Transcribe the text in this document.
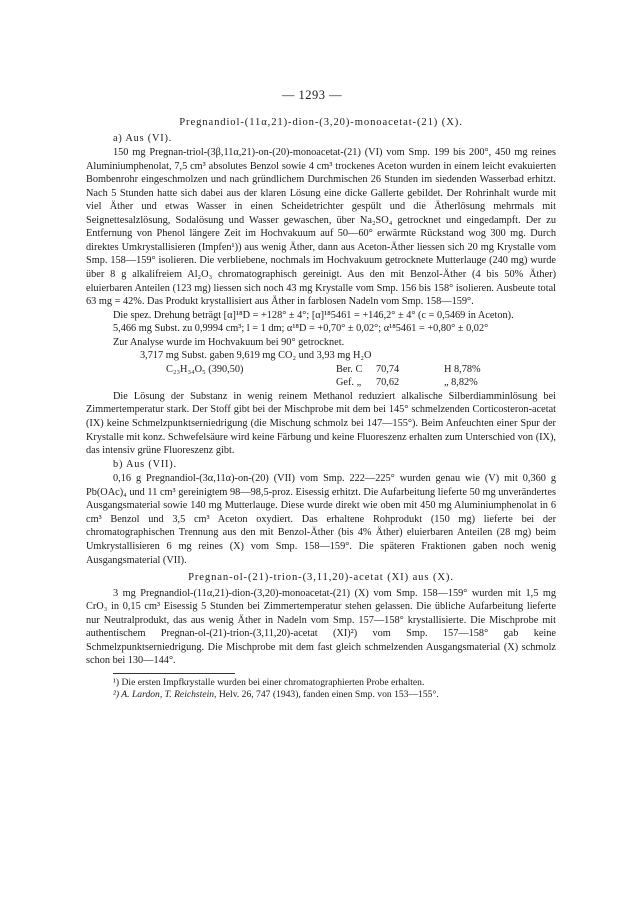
— 1293 —

Pregnandiol-(11α,21)-dion-(3,20)-monoacetat-(21) (X).

a) Aus (VI).

150 mg Pregnan-triol-(3β,11α,21)-on-(20)-monoacetat-(21) (VI) vom Smp. 199 bis 200°, 450 mg reines Aluminiumphenolat, 7,5 cm³ absolutes Benzol sowie 4 cm³ trockenes Aceton wurden in einem leicht evakuierten Bombenrohr eingeschmolzen und nach gründlichem Durchmischen 26 Stunden im siedenden Wasserbad erhitzt. Nach 5 Stunden hatte sich dabei aus der klaren Lösung eine dicke Gallerte gebildet. Der Rohrinhalt wurde mit viel Äther und etwas Wasser in einen Scheidetrichter gespült und die Ätherlösung mehrmals mit Seignettesalzlösung, Sodalösung und Wasser gewaschen, über Na₂SO₄ getrocknet und eingedampft. Der zu Entfernung von Phenol längere Zeit im Hochvakuum auf 50—60° erwärmte Rückstand wog 300 mg. Durch direktes Umkrystallisieren (Impfen¹)) aus wenig Äther, dann aus Aceton-Äther liessen sich 20 mg Krystalle vom Smp. 158—159° isolieren. Die verbliebene, nochmals im Hochvakuum getrocknete Mutterlauge (240 mg) wurde über 8 g alkalifreiem Al₂O₃ chromatographisch gereinigt. Aus den mit Benzol-Äther (4 bis 50% Äther) eluierbaren Anteilen (123 mg) liessen sich noch 43 mg Krystalle vom Smp. 156 bis 158° isolieren. Ausbeute total 63 mg = 42%. Das Produkt krystallisiert aus Äther in farblosen Nadeln vom Smp. 158—159°.

Die spez. Drehung beträgt [α]¹⁸D = +128° ± 4°; [α]¹⁸5461 = +146,2° ± 4° (c = 0,5469 in Aceton).

5,466 mg Subst. zu 0,9994 cm³; l = 1 dm; α¹⁸D = +0,70° ± 0,02°; α¹⁸5461 = +0,80° ± 0,02°

Zur Analyse wurde im Hochvakuum bei 90° getrocknet.

3,717 mg Subst. gaben 9,619 mg CO₂ und 3,93 mg H₂O

C₂₃H₃₄O₅ (390,50)	Ber. C	70,74	H 8,78%
Gef. „	70,62	„ 8,82%

Die Lösung der Substanz in wenig reinem Methanol reduziert alkalische Silberdiamminlösung bei Zimmertemperatur stark. Der Stoff gibt bei der Mischprobe mit dem bei 145° schmelzenden Corticosteron-acetat (IX) keine Schmelzpunktserniedrigung (die Mischung schmolz bei 147—155°). Beim Anfeuchten einer Spur der Krystalle mit konz. Schwefelsäure wird keine Färbung und keine Fluoreszenz erhalten zum Unterschied von (IX), das intensiv grüne Fluoreszenz gibt.

b) Aus (VII).

0,16 g Pregnandiol-(3α,11α)-on-(20) (VII) vom Smp. 222—225° wurden genau wie (V) mit 0,360 g Pb(OAc)₄ und 11 cm³ gereinigtem 98—98,5-proz. Eisessig erhitzt. Die Aufarbeitung lieferte 50 mg unverändertes Ausgangsmaterial sowie 140 mg Mutterlauge. Diese wurde direkt wie oben mit 450 mg Aluminiumphenolat in 6 cm³ Benzol und 3,5 cm³ Aceton oxydiert. Das erhaltene Rohprodukt (150 mg) lieferte bei der chromatographischen Trennung aus den mit Benzol-Äther (bis 4% Äther) eluierbaren Anteilen (28 mg) beim Umkrystallisieren 6 mg reines (X) vom Smp. 158—159°. Die späteren Fraktionen gaben noch wenig Ausgangsmaterial (VII).

Pregnan-ol-(21)-trion-(3,11,20)-acetat (XI) aus (X).

3 mg Pregnandiol-(11α,21)-dion-(3,20)-monoacetat-(21) (X) vom Smp. 158—159° wurden mit 1,5 mg CrO₃ in 0,15 cm³ Eisessig 5 Stunden bei Zimmertemperatur stehen gelassen. Die übliche Aufarbeitung lieferte nur Neutralprodukt, das aus wenig Äther in Nadeln vom Smp. 157—158° krystallisierte. Die Mischprobe mit authentischem Pregnan-ol-(21)-trion-(3,11,20)-acetat (XI)²) vom Smp. 157—158° gab keine Schmelzpunktserniedrigung. Die Mischprobe mit dem fast gleich schmelzenden Ausgangsmaterial (X) schmolz schon bei 130—144°.

¹) Die ersten Impfkrystalle wurden bei einer chromatographierten Probe erhalten.

²) A. Lardon, T. Reichstein, Helv. 26, 747 (1943), fanden einen Smp. von 153—155°.
